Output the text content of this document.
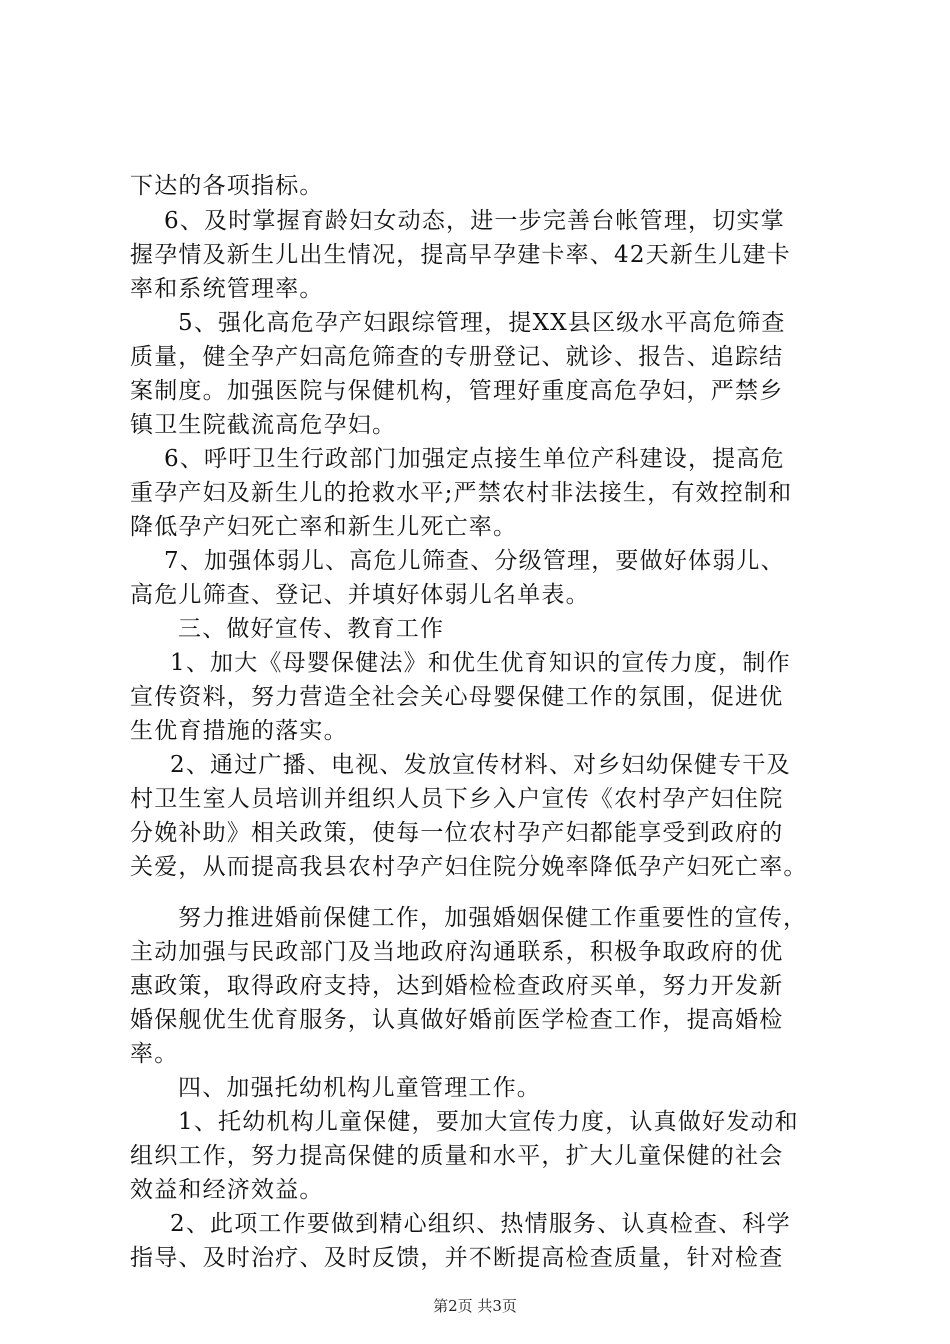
下达的各项指标。
6、及时掌握育龄妇女动态，进一步完善台帐管理，切实掌
握孕情及新生儿出生情况，提高早孕建卡率、42天新生儿建卡
率和系统管理率。
5、强化高危孕产妇跟综管理，提XX县区级水平高危筛查
质量，健全孕产妇高危筛查的专册登记、就诊、报告、追踪结
案制度。加强医院与保健机构，管理好重度高危孕妇，严禁乡
镇卫生院截流高危孕妇。
6、呼吁卫生行政部门加强定点接生单位产科建设，提高危
重孕产妇及新生儿的抢救水平;严禁农村非法接生，有效控制和
降低孕产妇死亡率和新生儿死亡率。
7、加强体弱儿、高危儿筛查、分级管理，要做好体弱儿、
高危儿筛查、登记、并填好体弱儿名单表。
三、做好宣传、教育工作
1、加大《母婴保健法》和优生优育知识的宣传力度，制作
宣传资料，努力营造全社会关心母婴保健工作的氛围，促进优
生优育措施的落实。
2、通过广播、电视、发放宣传材料、对乡妇幼保健专干及
村卫生室人员培训并组织人员下乡入户宣传《农村孕产妇住院
分娩补助》相关政策，使每一位农村孕产妇都能享受到政府的
关爱，从而提高我县农村孕产妇住院分娩率降低孕产妇死亡率。
努力推进婚前保健工作，加强婚姻保健工作重要性的宣传，
主动加强与民政部门及当地政府沟通联系，积极争取政府的优
惠政策，取得政府支持，达到婚检检查政府买单，努力开发新
婚保舰优生优育服务，认真做好婚前医学检查工作，提高婚检
率。
四、加强托幼机构儿童管理工作。
1、托幼机构儿童保健，要加大宣传力度，认真做好发动和
组织工作，努力提高保健的质量和水平，扩大儿童保健的社会
效益和经济效益。
2、此项工作要做到精心组织、热情服务、认真检查、科学
指导、及时治疗、及时反馈，并不断提高检查质量，针对检查
第2页 共3页
